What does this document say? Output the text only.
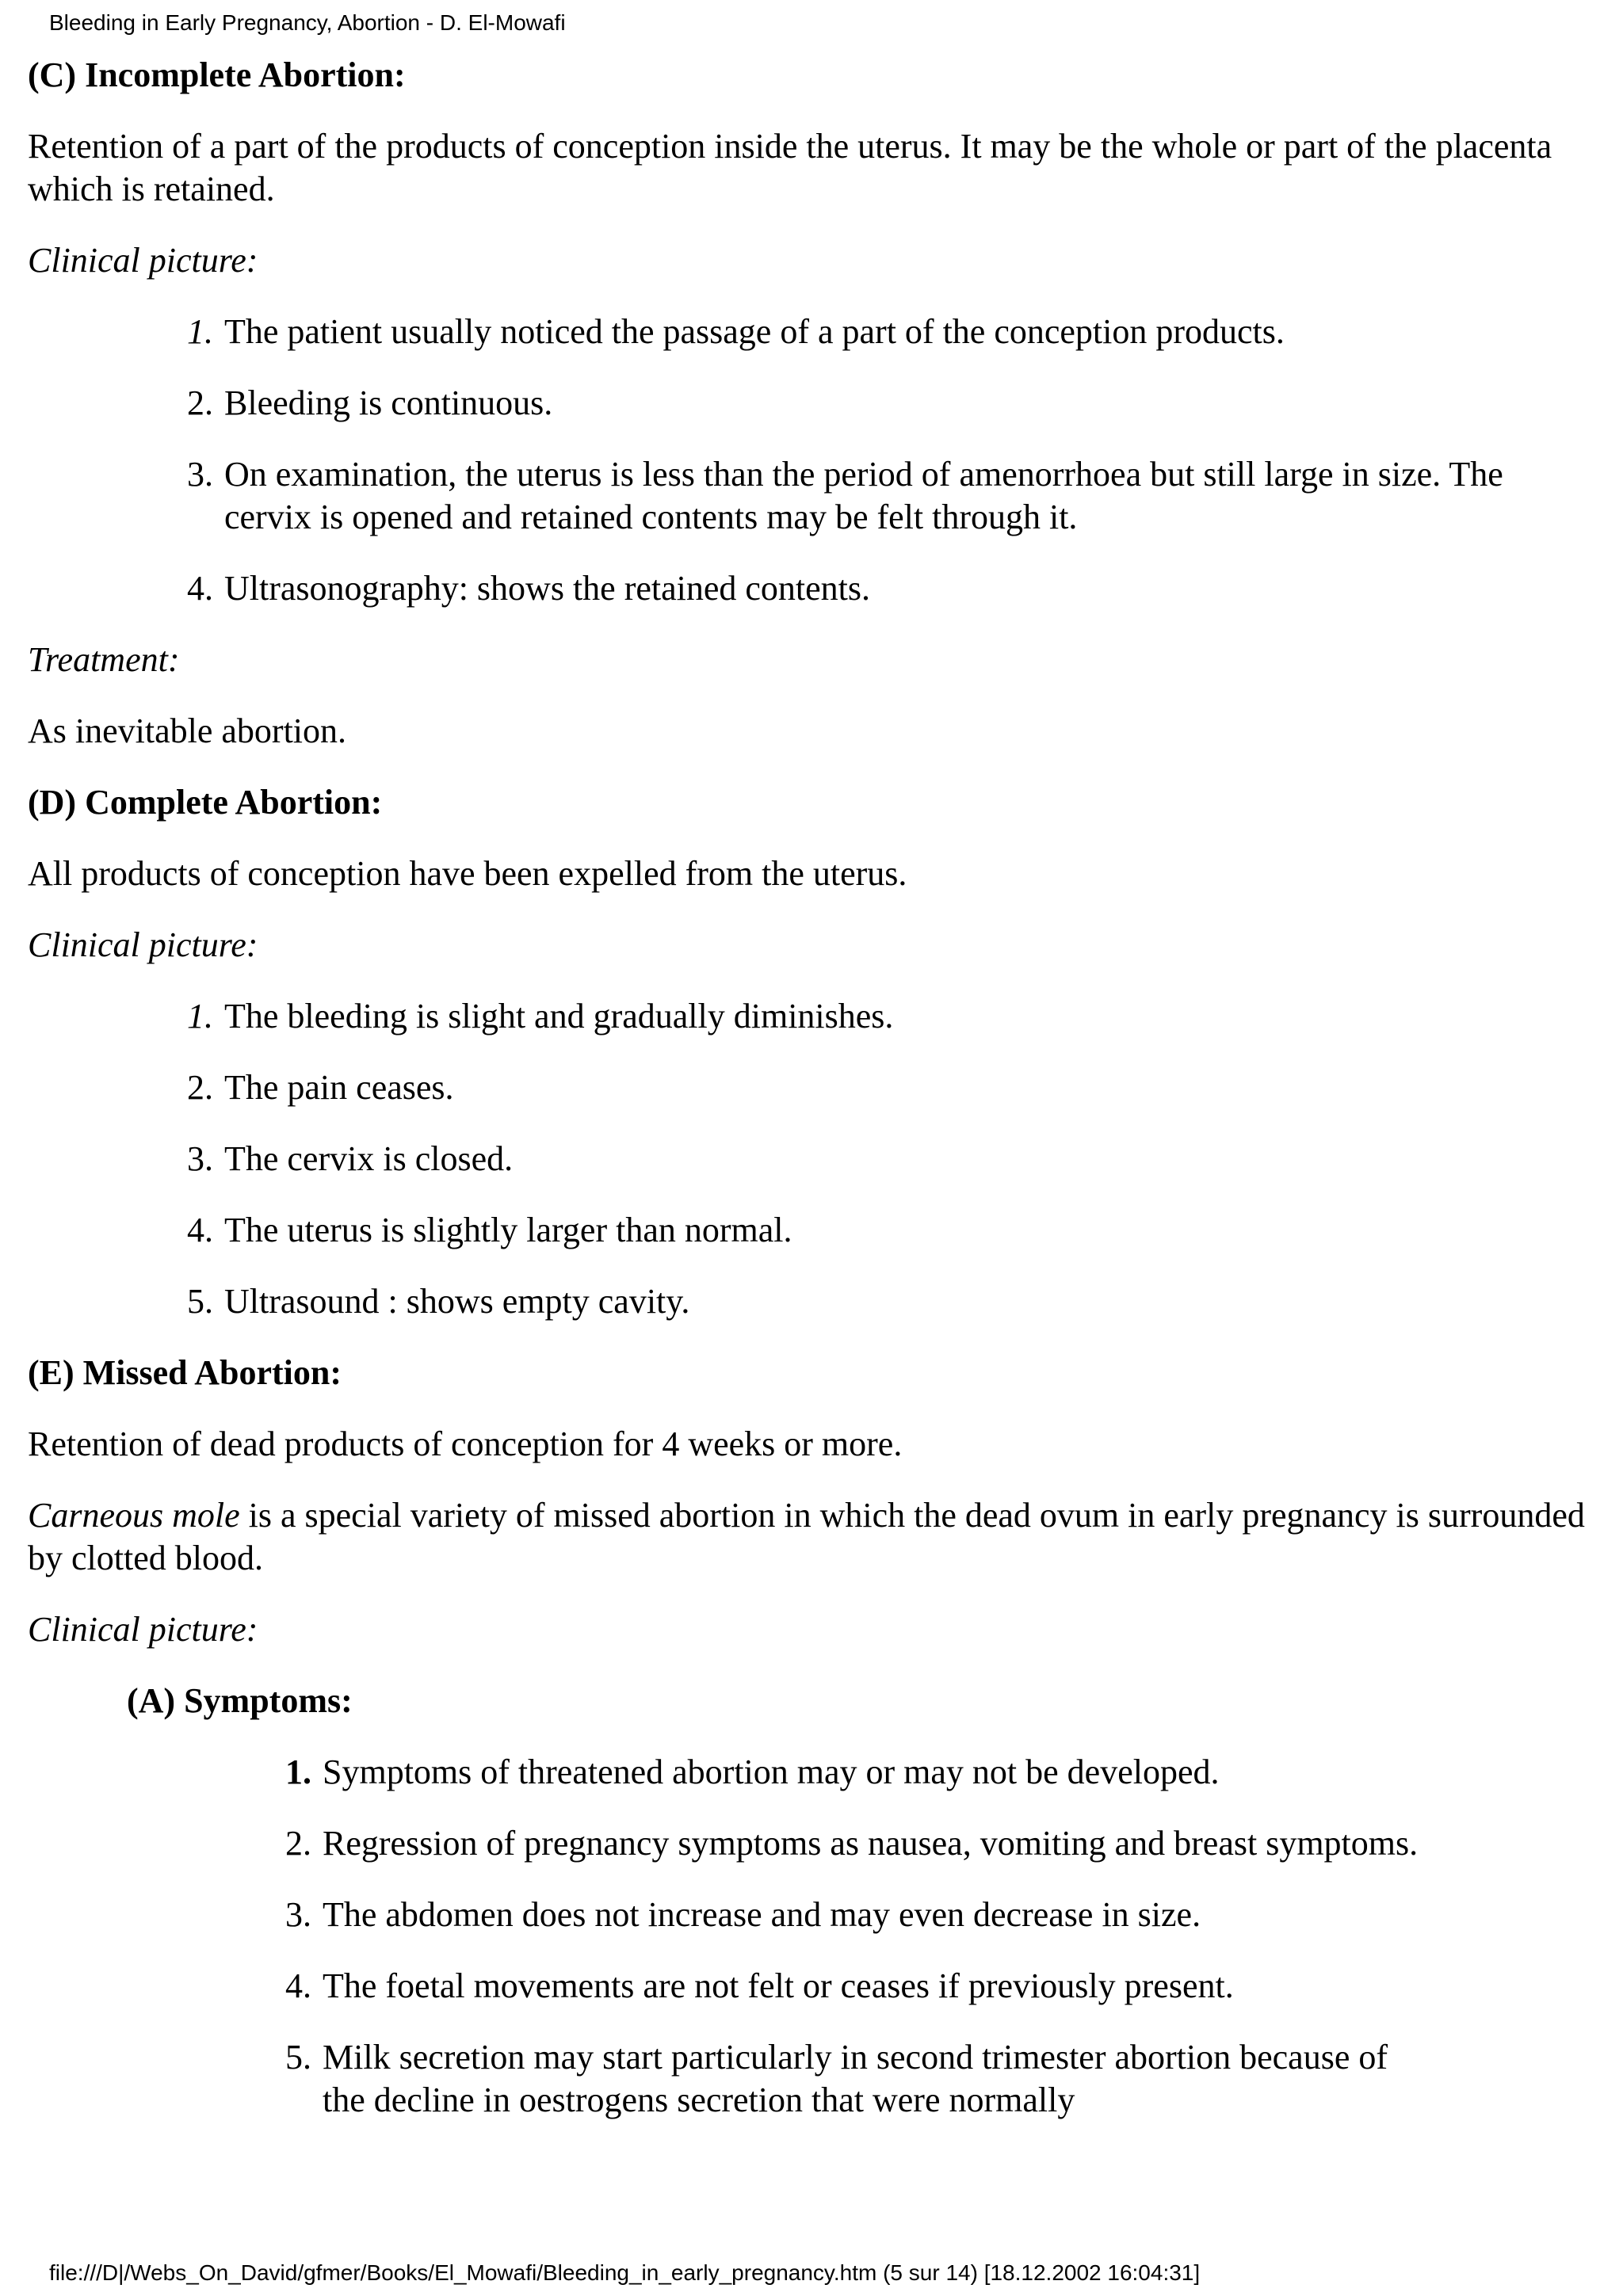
Bleeding in Early Pregnancy, Abortion - D. El-Mowafi

(C) Incomplete Abortion:

Retention of a part of the products of conception inside the uterus. It may be the whole or part of the placenta which is retained.

Clinical picture:

1. The patient usually noticed the passage of a part of the conception products.
2. Bleeding is continuous.
3. On examination, the uterus is less than the period of amenorrhoea but still large in size. The cervix is opened and retained contents may be felt through it.
4. Ultrasonography: shows the retained contents.

Treatment:

As inevitable abortion.

(D) Complete Abortion:

All products of conception have been expelled from the uterus.

Clinical picture:

1. The bleeding is slight and gradually diminishes.
2. The pain ceases.
3. The cervix is closed.
4. The uterus is slightly larger than normal.
5. Ultrasound : shows empty cavity.

(E) Missed Abortion:

Retention of dead products of conception for 4 weeks or more.

Carneous mole is a special variety of missed abortion in which the dead ovum in early pregnancy is surrounded by clotted blood.

Clinical picture:

(A) Symptoms:

1. Symptoms of threatened abortion may or may not be developed.
2. Regression of pregnancy symptoms as nausea, vomiting and breast symptoms.
3. The abdomen does not increase and may even decrease in size.
4. The foetal movements are not felt or ceases if previously present.
5. Milk secretion may start particularly in second trimester abortion because of the decline in oestrogens secretion that were normally
file:///D|/Webs_On_David/gfmer/Books/El_Mowafi/Bleeding_in_early_pregnancy.htm (5 sur 14) [18.12.2002 16:04:31]
